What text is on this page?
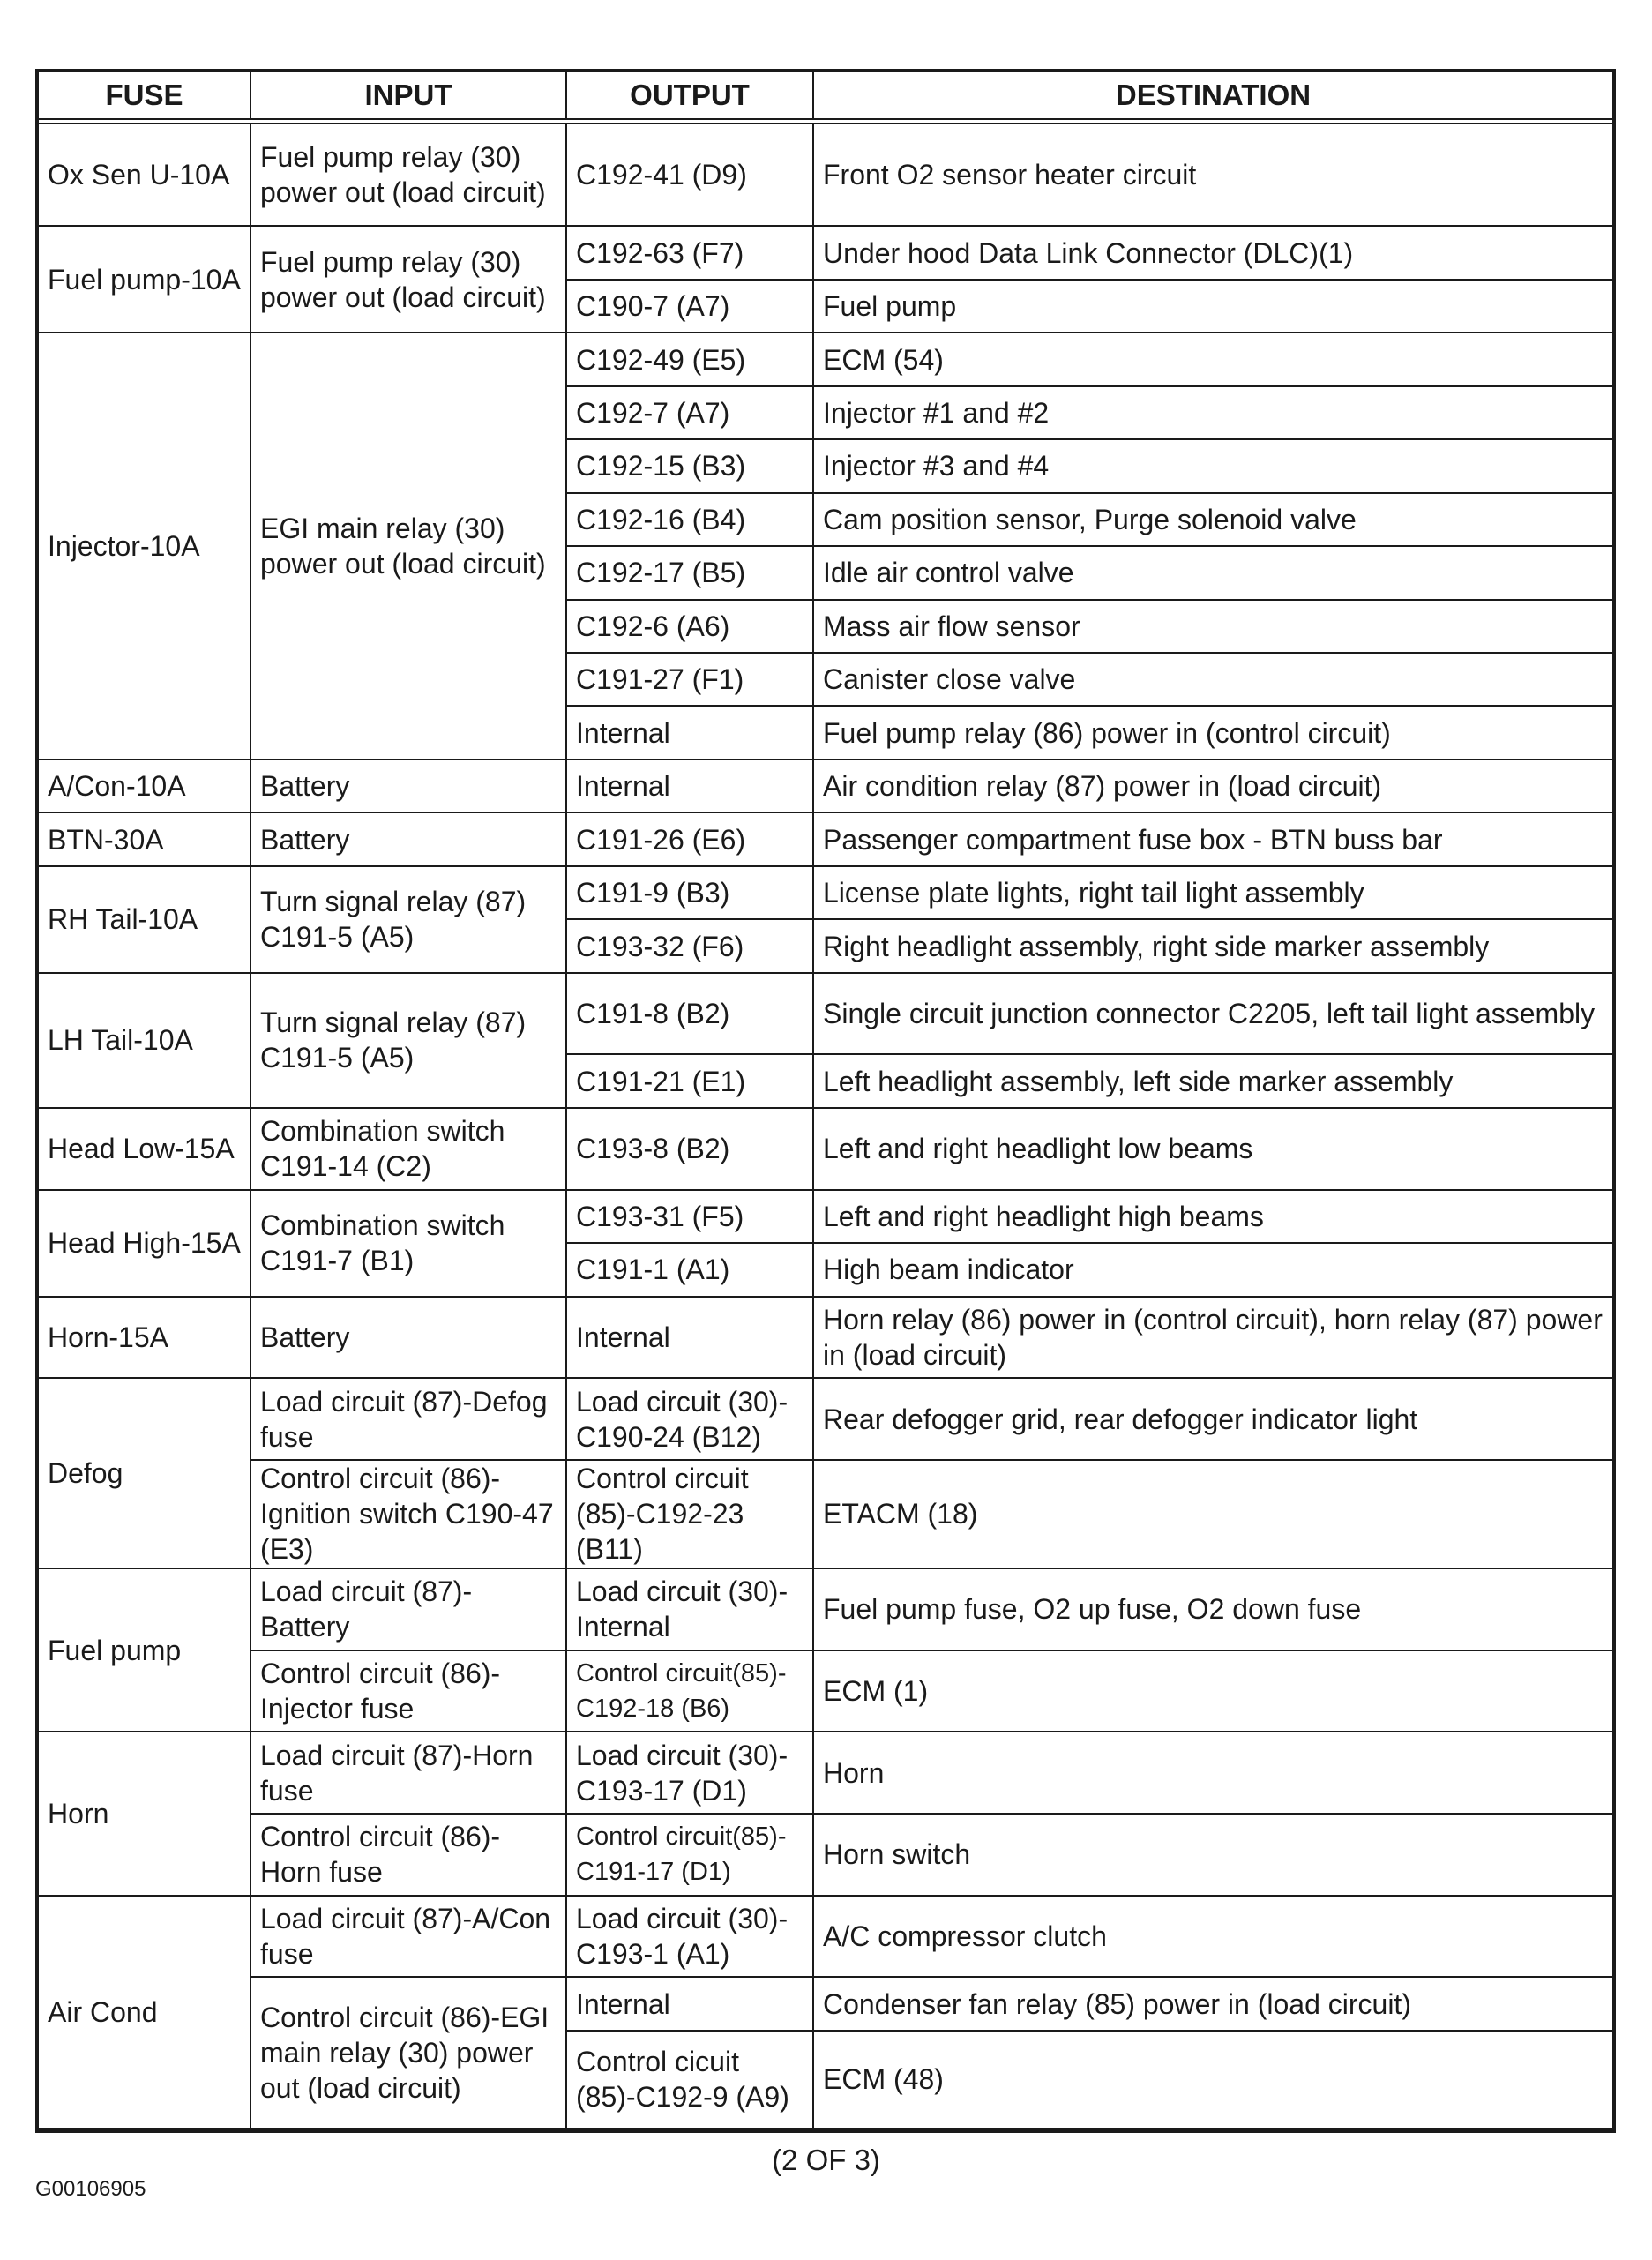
FUSE	INPUT	OUTPUT	DESTINATION
Ox Sen U-10A	Fuel pump relay (30) power out (load circuit)	C192-41 (D9)	Front O2 sensor heater circuit
Fuel pump-10A	Fuel pump relay (30) power out (load circuit)	C192-63 (F7)	Under hood Data Link Connector (DLC)(1)
		C190-7 (A7)	Fuel pump
Injector-10A	EGI main relay (30) power out (load circuit)	C192-49 (E5)	ECM (54)
		C192-7 (A7)	Injector #1 and #2
		C192-15 (B3)	Injector #3 and #4
		C192-16 (B4)	Cam position sensor, Purge solenoid valve
		C192-17 (B5)	Idle air control valve
		C192-6 (A6)	Mass air flow sensor
		C191-27 (F1)	Canister close valve
		Internal	Fuel pump relay (86) power in (control circuit)
A/Con-10A	Battery	Internal	Air condition relay (87) power in (load circuit)
BTN-30A	Battery	C191-26 (E6)	Passenger compartment fuse box - BTN buss bar
RH Tail-10A	Turn signal relay (87) C191-5 (A5)	C191-9 (B3)	License plate lights, right tail light assembly
		C193-32 (F6)	Right headlight assembly, right side marker assembly
LH Tail-10A	Turn signal relay (87) C191-5 (A5)	C191-8 (B2)	Single circuit junction connector C2205, left tail light assembly
		C191-21 (E1)	Left headlight assembly, left side marker assembly
Head Low-15A	Combination switch C191-14 (C2)	C193-8 (B2)	Left and right headlight low beams
Head High-15A	Combination switch C191-7 (B1)	C193-31 (F5)	Left and right headlight high beams
		C191-1 (A1)	High beam indicator
Horn-15A	Battery	Internal	Horn relay (86) power in (control circuit), horn relay (87) power in (load circuit)
Defog	Load circuit (87)-Defog fuse	Load circuit (30)-C190-24 (B12)	Rear defogger grid, rear defogger indicator light
	Control circuit (86)-Ignition switch C190-47 (E3)	Control circuit (85)-C192-23 (B11)	ETACM (18)
Fuel pump	Load circuit (87)-Battery	Load circuit (30)-Internal	Fuel pump fuse, O2 up fuse, O2 down fuse
	Control circuit (86)-Injector fuse	Control circuit(85)-C192-18 (B6)	ECM (1)
Horn	Load circuit (87)-Horn fuse	Load circuit (30)-C193-17 (D1)	Horn
	Control circuit (86)-Horn fuse	Control circuit(85)-C191-17 (D1)	Horn switch
Air Cond	Load circuit (87)-A/Con fuse	Load circuit (30)-C193-1 (A1)	A/C compressor clutch
	Control circuit (86)-EGI main relay (30) power out (load circuit)	Internal	Condenser fan relay (85) power in (load circuit)
		Control cicuit (85)-C192-9 (A9)	ECM (48)
(2 OF 3)
G00106905
